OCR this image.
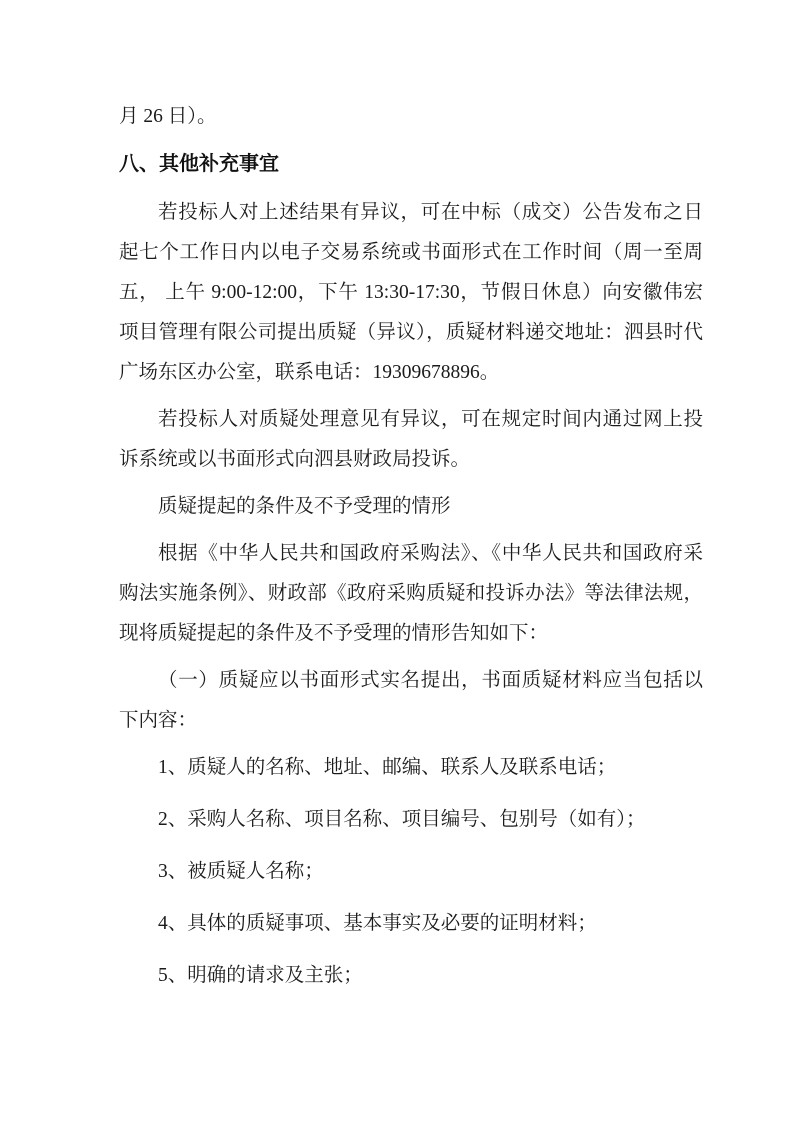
月 26 日）。
八、其他补充事宜
若投标人对上述结果有异议，可在中标（成交）公告发布之日起七个工作日内以电子交易系统或书面形式在工作时间（周一至周五， 上午 9:00-12:00，下午 13:30-17:30，节假日休息）向安徽伟宏项目管理有限公司提出质疑（异议），质疑材料递交地址：泗县时代广场东区办公室，联系电话：19309678896。
若投标人对质疑处理意见有异议，可在规定时间内通过网上投诉系统或以书面形式向泗县财政局投诉。
质疑提起的条件及不予受理的情形
根据《中华人民共和国政府采购法》、《中华人民共和国政府采购法实施条例》、财政部《政府采购质疑和投诉办法》等法律法规，现将质疑提起的条件及不予受理的情形告知如下：
（一）质疑应以书面形式实名提出，书面质疑材料应当包括以下内容：
1、质疑人的名称、地址、邮编、联系人及联系电话；
2、采购人名称、项目名称、项目编号、包别号（如有）；
3、被质疑人名称；
4、具体的质疑事项、基本事实及必要的证明材料；
5、明确的请求及主张；
